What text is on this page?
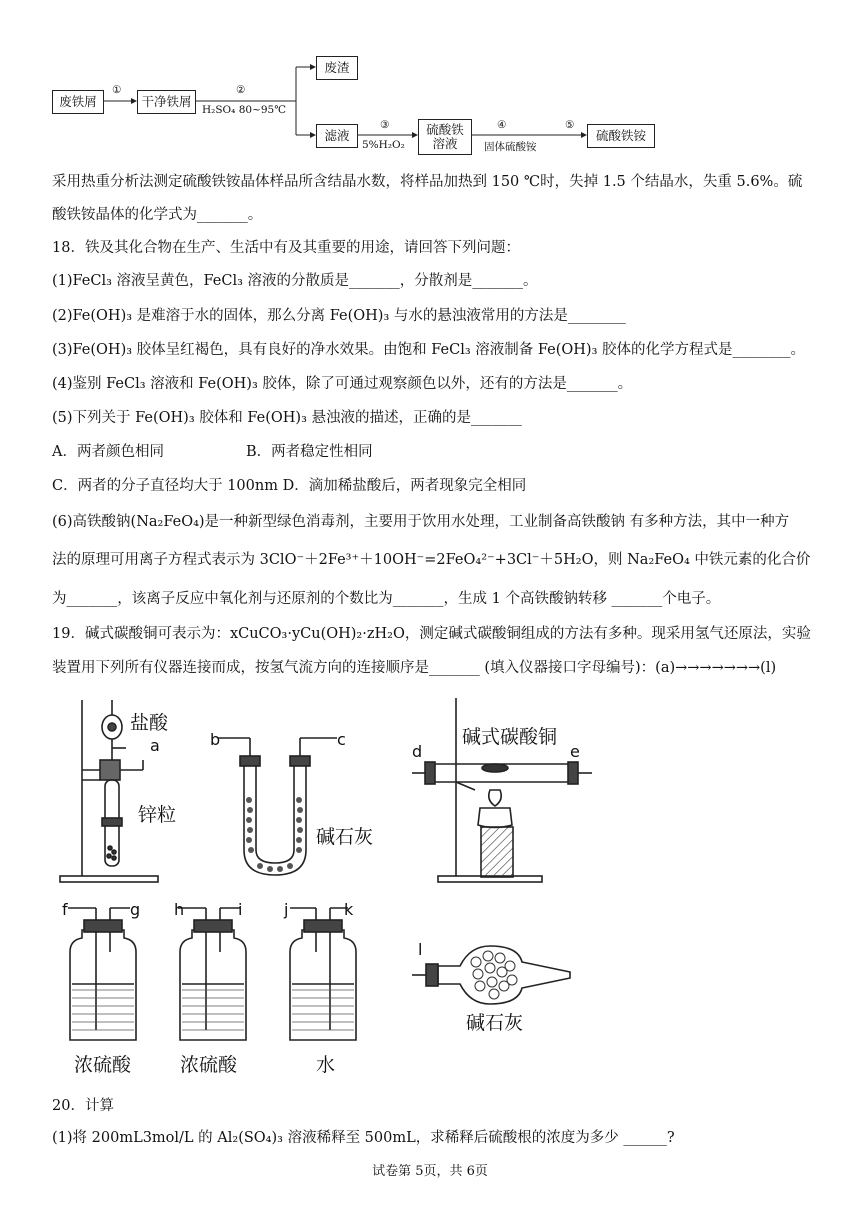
废铁屑	干净铁屑
废渣
滤液	硫酸铁溶液
硫酸铁铵
①	②
H₂SO₄ 80~95℃
③
5%H₂O₂
④
固体硫酸铵
⑤
采用热重分析法测定硫酸铁铵晶体样品所含结晶水数，将样品加热到 150 ℃时，失掉 1.5 个结晶水，失重 5.6%。硫
酸铁铵晶体的化学式为_______。
18．铁及其化合物在生产、生活中有及其重要的用途，请回答下列问题：
(1)FeCl₃ 溶液呈黄色，FeCl₃ 溶液的分散质是_______，分散剂是_______。
(2)Fe(OH)₃ 是难溶于水的固体，那么分离 Fe(OH)₃ 与水的悬浊液常用的方法是________
(3)Fe(OH)₃ 胶体呈红褐色，具有良好的净水效果。由饱和 FeCl₃ 溶液制备 Fe(OH)₃ 胶体的化学方程式是________。
(4)鉴别 FeCl₃ 溶液和 Fe(OH)₃ 胶体，除了可通过观察颜色以外，还有的方法是_______。
(5)下列关于 Fe(OH)₃ 胶体和 Fe(OH)₃ 悬浊液的描述，正确的是_______
A．两者颜色相同	B．两者稳定性相同
C．两者的分子直径均大于 100nm D．滴加稀盐酸后，两者现象完全相同
(6)高铁酸钠(Na₂FeO₄)是一种新型绿色消毒剂，主要用于饮用水处理，工业制备高铁酸钠 有多种方法，其中一种方
法的原理可用离子方程式表示为 3ClO⁻＋2Fe³⁺＋10OH⁻=2FeO₄²⁻+3Cl⁻＋5H₂O，则 Na₂FeO₄ 中铁元素的化合价
为_______，该离子反应中氧化剂与还原剂的个数比为_______，生成 1 个高铁酸钠转移 _______个电子。
19．碱式碳酸铜可表示为：xCuCO₃·yCu(OH)₂·zH₂O，测定碱式碳酸铜组成的方法有多种。现采用氢气还原法，实验
装置用下列所有仪器连接而成，按氢气流方向的连接顺序是_______ (填入仪器接口字母编号)：(a)→→→→→→→(l)
盐酸
a
锌粒
b	c
碱石灰
碱式碳酸铜
d	e
f	g h	i	j	k
浓硫酸	浓硫酸	水
l
碱石灰
20．计算
(1)将 200mL3mol/L 的 Al₂(SO₄)₃ 溶液稀释至 500mL，求稀释后硫酸根的浓度为多少 ______?
试卷第 5页，共 6页
